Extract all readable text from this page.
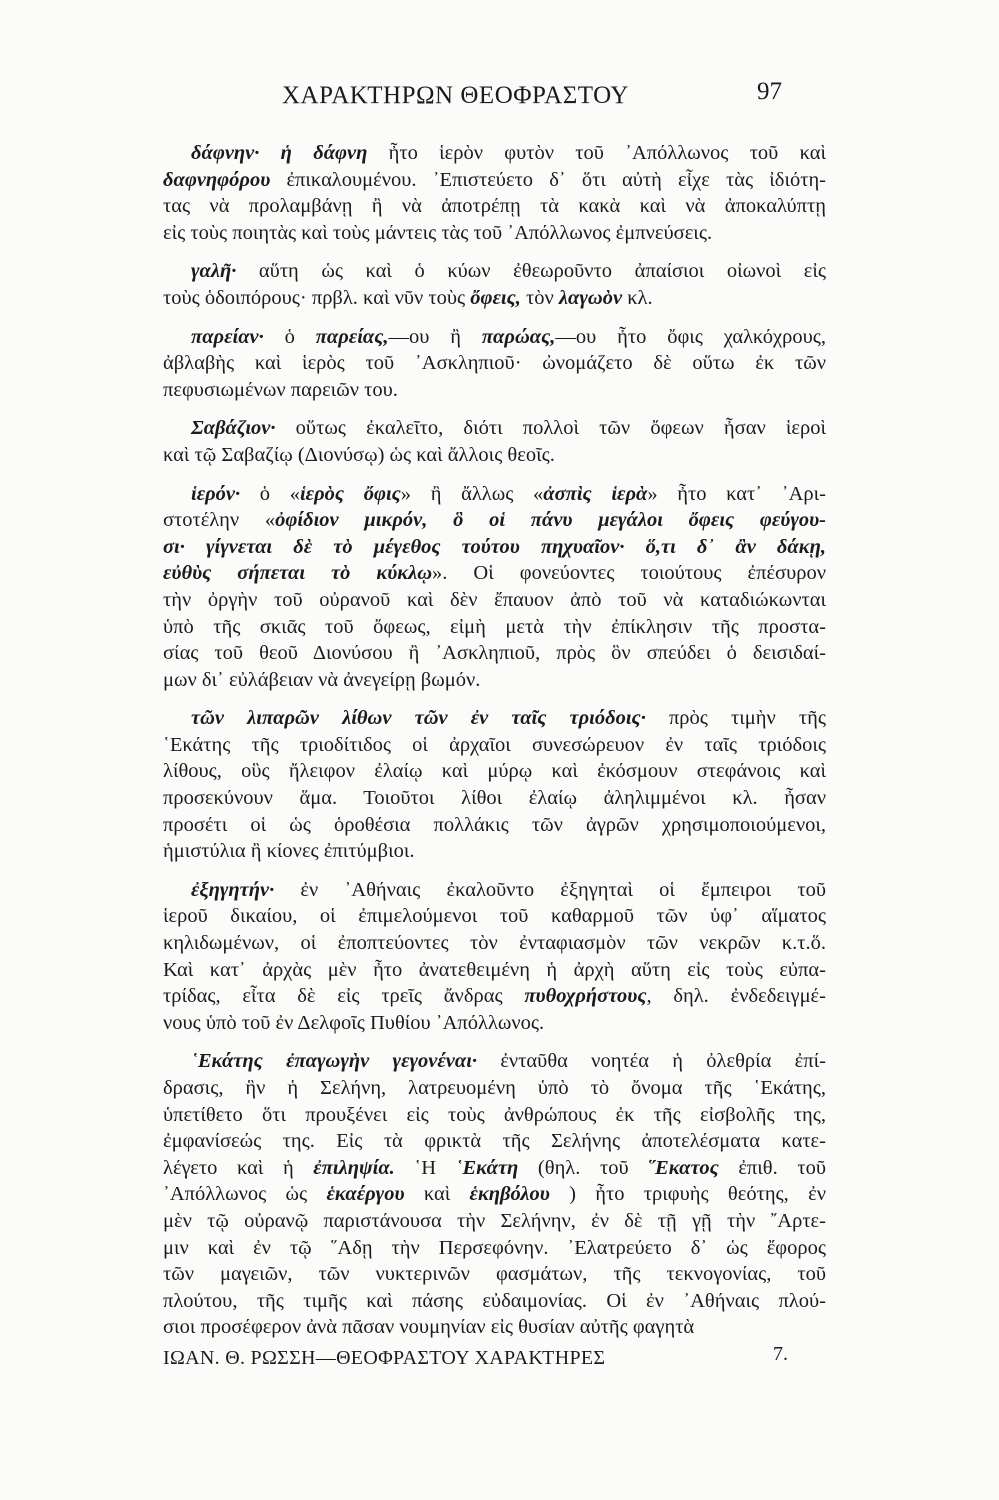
ΧΑΡΑΚΤΗΡΩΝ ΘΕΟΦΡΑΣΤΟΥ	97
δάφνην· ἡ δάφνη ἦτο ἱερὸν φυτὸν τοῦ ᾿Απόλλωνος τοῦ καὶ
δαφνηφόρου ἐπικαλουμένου. ᾿Επιστεύετο δ᾿ ὅτι αὐτὴ εἶχε τὰς ἰδιότη-
τας νὰ προλαμβάνῃ ἢ νὰ ἀποτρέπῃ τὰ κακὰ καὶ νὰ ἀποκαλύπτῃ
εἰς τοὺς ποιητὰς καὶ τοὺς μάντεις τὰς τοῦ ᾿Απόλλωνος ἐμπνεύσεις.
γαλῆ· αὕτη ὡς καὶ ὁ κύων ἐθεωροῦντο ἀπαίσιοι οἰωνοὶ εἰς
τοὺς ὁδοιπόρους· πρβλ. καὶ νῦν τοὺς ὄφεις, τὸν λαγωὸν κλ.
παρείαν· ὁ παρείας,—ου ἢ παρώας,—ου ἦτο ὄφις χαλκόχρους,
ἀβλαβὴς καὶ ἱερὸς τοῦ ᾿Ασκληπιοῦ· ὠνομάζετο δὲ οὕτω ἐκ τῶν
πεφυσιωμένων παρειῶν του.
Σαβάζιον· οὕτως ἐκαλεῖτο, διότι πολλοὶ τῶν ὄφεων ἦσαν ἱεροὶ
καὶ τῷ Σαβαζίῳ (Διονύσῳ) ὡς καὶ ἄλλοις θεοῖς.
ἱερόν· ὁ «ἱερὸς ὄφις» ἢ ἄλλως «ἀσπὶς ἱερὰ» ἦτο κατ᾿ ᾿Αρι-
στοτέλην «ὀφίδιον μικρόν, ὃ οἱ πάνυ μεγάλοι ὄφεις φεύγου-
σι· γίγνεται δὲ τὸ μέγεθος τούτου πηχυαῖον· ὅ,τι δ᾿ ἂν δάκῃ,
εὐθὺς σήπεται τὸ κύκλῳ». Οἱ φονεύοντες τοιούτους ἐπέσυρον
τὴν ὀργὴν τοῦ οὐρανοῦ καὶ δὲν ἔπαυον ἀπὸ τοῦ νὰ καταδιώκωνται
ὑπὸ τῆς σκιᾶς τοῦ ὄφεως, εἰμὴ μετὰ τὴν ἐπίκλησιν τῆς προστα-
σίας τοῦ θεοῦ Διονύσου ἢ ᾿Ασκληπιοῦ, πρὸς ὃν σπεύδει ὁ δεισιδαί-
μων δι᾿ εὐλάβειαν νὰ ἀνεγείρῃ βωμόν.
τῶν λιπαρῶν λίθων τῶν ἐν ταῖς τριόδοις· πρὸς τιμὴν τῆς
῾Εκάτης τῆς τριοδίτιδος οἱ ἀρχαῖοι συνεσώρευον ἐν ταῖς τριόδοις
λίθους, οὓς ἤλειφον ἐλαίῳ καὶ μύρῳ καὶ ἐκόσμουν στεφάνοις καὶ
προσεκύνουν ἅμα. Τοιοῦτοι λίθοι ἐλαίῳ ἀληλιμμένοι κλ. ἦσαν
προσέτι οἱ ὡς ὁροθέσια πολλάκις τῶν ἀγρῶν χρησιμοποιούμενοι,
ἡμιστύλια ἢ κίονες ἐπιτύμβιοι.
ἐξηγητήν· ἐν ᾿Αθήναις ἐκαλοῦντο ἐξηγηταὶ οἱ ἔμπειροι τοῦ
ἱεροῦ δικαίου, οἱ ἐπιμελούμενοι τοῦ καθαρμοῦ τῶν ὑφ᾿ αἵματος
κηλιδωμένων, οἱ ἐποπτεύοντες τὸν ἐνταφιασμὸν τῶν νεκρῶν κ.τ.ὅ.
Καὶ κατ᾿ ἀρχὰς μὲν ἦτο ἀνατεθειμένη ἡ ἀρχὴ αὕτη εἰς τοὺς εὐπα-
τρίδας, εἶτα δὲ εἰς τρεῖς ἄνδρας πυθοχρήστους, δηλ. ἐνδεδειγμέ-
νους ὑπὸ τοῦ ἐν Δελφοῖς Πυθίου ᾿Απόλλωνος.
῾Εκάτης ἐπαγωγὴν γεγονέναι· ἐνταῦθα νοητέα ἡ ὀλεθρία ἐπί-
δρασις, ἣν ἡ Σελήνη, λατρευομένη ὑπὸ τὸ ὄνομα τῆς ῾Εκάτης,
ὑπετίθετο ὅτι προυξένει εἰς τοὺς ἀνθρώπους ἐκ τῆς εἰσβολῆς της,
ἐμφανίσεώς της. Εἰς τὰ φρικτὰ τῆς Σελήνης ἀποτελέσματα κατε-
λέγετο καὶ ἡ ἐπιληψία. ῾Η ῾Εκάτη (θηλ. τοῦ ῞Εκατος ἐπιθ. τοῦ
᾿Απόλλωνος ὡς ἑκαέργου καὶ ἑκηβόλου ) ἦτο τριφυὴς θεότης, ἐν
μὲν τῷ οὐρανῷ παριστάνουσα τὴν Σελήνην, ἐν δὲ τῇ γῇ τὴν ῎Αρτε-
μιν καὶ ἐν τῷ ῞Αδῃ τὴν Περσεφόνην. ᾿Ελατρεύετο δ᾿ ὡς ἔφορος
τῶν μαγειῶν, τῶν νυκτερινῶν φασμάτων, τῆς τεκνογονίας, τοῦ
πλούτου, τῆς τιμῆς καὶ πάσης εὐδαιμονίας. Οἱ ἐν ᾿Αθήναις πλού-
σιοι προσέφερον ἀνὰ πᾶσαν νουμηνίαν εἰς θυσίαν αὐτῆς φαγητὰ
ΙΩΑΝ. Θ. ΡΩΣΣΗ—ΘΕΟΦΡΑΣΤΟΥ ΧΑΡΑΚΤΗΡΕΣ	7.
